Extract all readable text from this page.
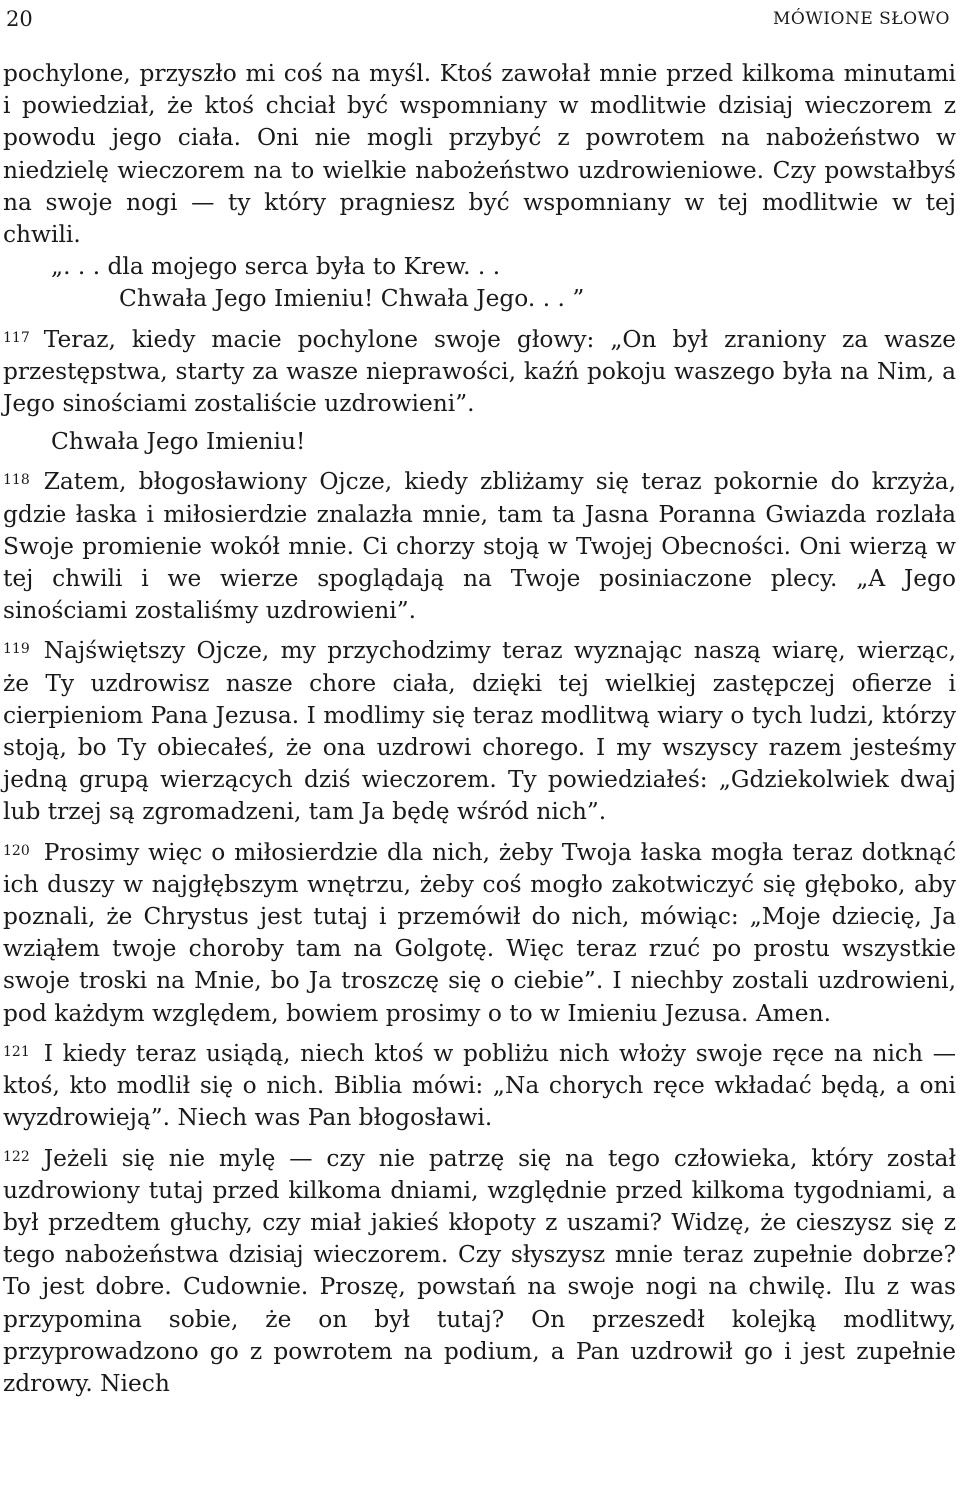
20	MÓWIONE SŁOWO

pochylone, przyszło mi coś na myśl. Ktoś zawołał mnie przed kilkoma minutami i powiedział, że ktoś chciał być wspomniany w modlitwie dzisiaj wieczorem z powodu jego ciała. Oni nie mogli przybyć z powrotem na nabożeństwo w niedzielę wieczorem na to wielkie nabożeństwo uzdrowieniowe. Czy powstałbyś na swoje nogi — ty który pragniesz być wspomniany w tej modlitwie w tej chwili.

„. . . dla mojego serca była to Krew. . .

Chwała Jego Imieniu! Chwała Jego. . . ”

$^{117}$ Teraz, kiedy macie pochylone swoje głowy: „On był zraniony za wasze przestępstwa, starty za wasze nieprawości, kaźń pokoju waszego była na Nim, a Jego sinościami zostaliście uzdrowieni”.

Chwała Jego Imieniu!

$^{118}$ Zatem, błogosławiony Ojcze, kiedy zbliżamy się teraz pokornie do krzyża, gdzie łaska i miłosierdzie znalazła mnie, tam ta Jasna Poranna Gwiazda rozlała Swoje promienie wokół mnie. Ci chorzy stoją w Twojej Obecności. Oni wierzą w tej chwili i we wierze spoglądają na Twoje posiniaczone plecy. „A Jego sinościami zostaliśmy uzdrowieni”.

$^{119}$ Najświętszy Ojcze, my przychodzimy teraz wyznając naszą wiarę, wierząc, że Ty uzdrowisz nasze chore ciała, dzięki tej wielkiej zastępczej ofierze i cierpieniom Pana Jezusa. I modlimy się teraz modlitwą wiary o tych ludzi, którzy stoją, bo Ty obiecałeś, że ona uzdrowi chorego. I my wszyscy razem jesteśmy jedną grupą wierzących dziś wieczorem. Ty powiedziałeś: „Gdziekolwiek dwaj lub trzej są zgromadzeni, tam Ja będę wśród nich”.

$^{120}$ Prosimy więc o miłosierdzie dla nich, żeby Twoja łaska mogła teraz dotknąć ich duszy w najgłębszym wnętrzu, żeby coś mogło zakotwiczyć się głęboko, aby poznali, że Chrystus jest tutaj i przemówił do nich, mówiąc: „Moje dziecię, Ja wziąłem twoje choroby tam na Golgotę. Więc teraz rzuć po prostu wszystkie swoje troski na Mnie, bo Ja troszczę się o ciebie”. I niechby zostali uzdrowieni, pod każdym względem, bowiem prosimy o to w Imieniu Jezusa. Amen.

$^{121}$ I kiedy teraz usiądą, niech ktoś w pobliżu nich włoży swoje ręce na nich — ktoś, kto modlił się o nich. Biblia mówi: „Na chorych ręce wkładać będą, a oni wyzdrowieją”. Niech was Pan błogosławi.

$^{122}$ Jeżeli się nie mylę — czy nie patrzę się na tego człowieka, który został uzdrowiony tutaj przed kilkoma dniami, względnie przed kilkoma tygodniami, a był przedtem głuchy, czy miał jakieś kłopoty z uszami? Widzę, że cieszysz się z tego nabożeństwa dzisiaj wieczorem. Czy słyszysz mnie teraz zupełnie dobrze? To jest dobre. Cudownie. Proszę, powstań na swoje nogi na chwilę. Ilu z was przypomina sobie, że on był tutaj? On przeszedł kolejką modlitwy, przyprowadzono go z powrotem na podium, a Pan uzdrowił go i jest zupełnie zdrowy. Niech
